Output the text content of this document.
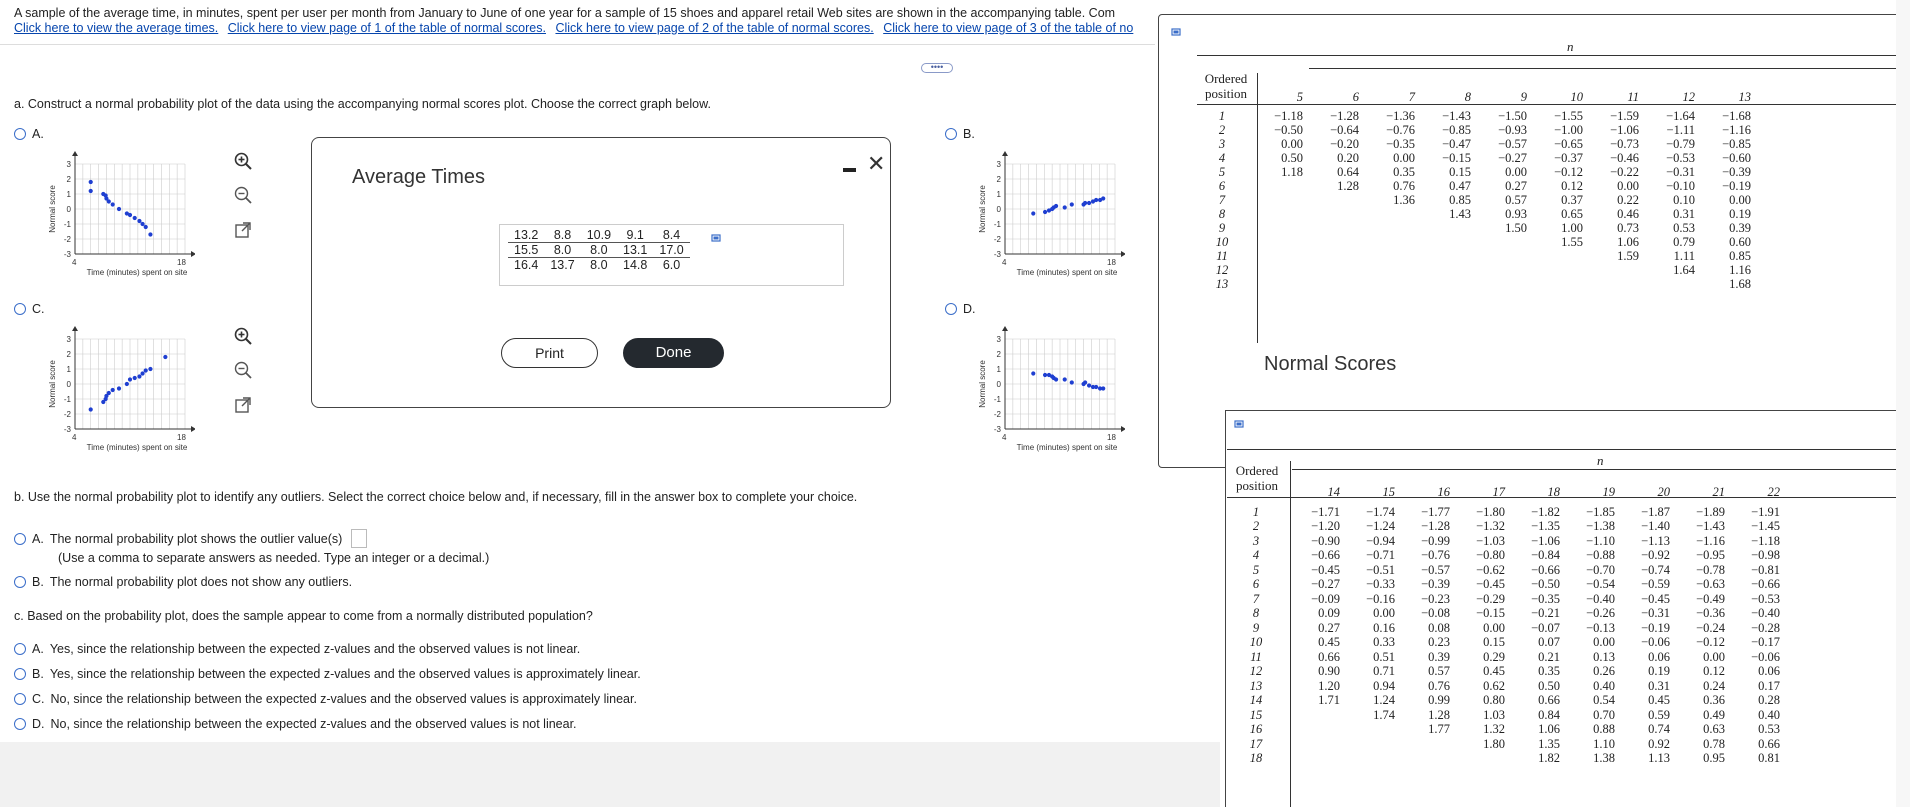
A sample of the average time, in minutes, spent per user per month from January to June of one year for a sample of 15 shoes and apparel retail Web sites are shown in the accompanying table. Com
Click here to view the average times. Click here to view page of 1 of the table of normal scores. Click here to view page of 2 of the table of normal scores. Click here to view page of 3 of the table of no
••••
a. Construct a normal probability plot of the data using the accompanying normal scores plot. Choose the correct graph below.
A.	B.
C.	D.
3
2
1
0
-1
-2
-3
4	18
Time (minutes) spent on site
Normal score
3
2
1
0
-1
-2
-3
4	18
Time (minutes) spent on site
Normal score
3
2
1
0
-1
-2
-3
4	18
Time (minutes) spent on site
Normal score
3
2
1
0
-1
-2
-3
4	18
Time (minutes) spent on site
Normal score
Average Times
✕
13.2	8.8	10.9	9.1	8.4
15.5	8.0	8.0	13.1	17.0
16.4	13.7	8.0	14.8	6.0
Print	Done
b. Use the normal probability plot to identify any outliers. Select the correct choice below and, if necessary, fill in the answer box to complete your choice.
A. The normal probability plot shows the outlier value(s)
(Use a comma to separate answers as needed. Type an integer or a decimal.)
B. The normal probability plot does not show any outliers.
c. Based on the probability plot, does the sample appear to come from a normally distributed population?
A. Yes, since the relationship between the expected z-values and the observed values is not linear.
B. Yes, since the relationship between the expected z-values and the observed values is approximately linear.
C. No, since the relationship between the expected z-values and the observed values is approximately linear.
D. No, since the relationship between the expected z-values and the observed values is not linear.
n
Ordered
position
		5	6	7	8	9	10	11	12	13
1	−1.18	−1.28	−1.36	−1.43	−1.50	−1.55	−1.59	−1.64	−1.68
2	−0.50	−0.64	−0.76	−0.85	−0.93	−1.00	−1.06	−1.11	−1.16
3	0.00	−0.20	−0.35	−0.47	−0.57	−0.65	−0.73	−0.79	−0.85
4	0.50	0.20	0.00	−0.15	−0.27	−0.37	−0.46	−0.53	−0.60
5	1.18	0.64	0.35	0.15	0.00	−0.12	−0.22	−0.31	−0.39
6		1.28	0.76	0.47	0.27	0.12	0.00	−0.10	−0.19
7			1.36	0.85	0.57	0.37	0.22	0.10	0.00
8				1.43	0.93	0.65	0.46	0.31	0.19
9					1.50	1.00	0.73	0.53	0.39
10						1.55	1.06	0.79	0.60
11							1.59	1.11	0.85
12								1.64	1.16
13									1.68
Normal Scores
n
Ordered
position
		14	15	16	17	18	19	20	21	22
1	−1.71	−1.74	−1.77	−1.80	−1.82	−1.85	−1.87	−1.89	−1.91
2	−1.20	−1.24	−1.28	−1.32	−1.35	−1.38	−1.40	−1.43	−1.45
3	−0.90	−0.94	−0.99	−1.03	−1.06	−1.10	−1.13	−1.16	−1.18
4	−0.66	−0.71	−0.76	−0.80	−0.84	−0.88	−0.92	−0.95	−0.98
5	−0.45	−0.51	−0.57	−0.62	−0.66	−0.70	−0.74	−0.78	−0.81
6	−0.27	−0.33	−0.39	−0.45	−0.50	−0.54	−0.59	−0.63	−0.66
7	−0.09	−0.16	−0.23	−0.29	−0.35	−0.40	−0.45	−0.49	−0.53
8	0.09	0.00	−0.08	−0.15	−0.21	−0.26	−0.31	−0.36	−0.40
9	0.27	0.16	0.08	0.00	−0.07	−0.13	−0.19	−0.24	−0.28
10	0.45	0.33	0.23	0.15	0.07	0.00	−0.06	−0.12	−0.17
11	0.66	0.51	0.39	0.29	0.21	0.13	0.06	0.00	−0.06
12	0.90	0.71	0.57	0.45	0.35	0.26	0.19	0.12	0.06
13	1.20	0.94	0.76	0.62	0.50	0.40	0.31	0.24	0.17
14	1.71	1.24	0.99	0.80	0.66	0.54	0.45	0.36	0.28
15		1.74	1.28	1.03	0.84	0.70	0.59	0.49	0.40
16			1.77	1.32	1.06	0.88	0.74	0.63	0.53
17				1.80	1.35	1.10	0.92	0.78	0.66
18					1.82	1.38	1.13	0.95	0.81
